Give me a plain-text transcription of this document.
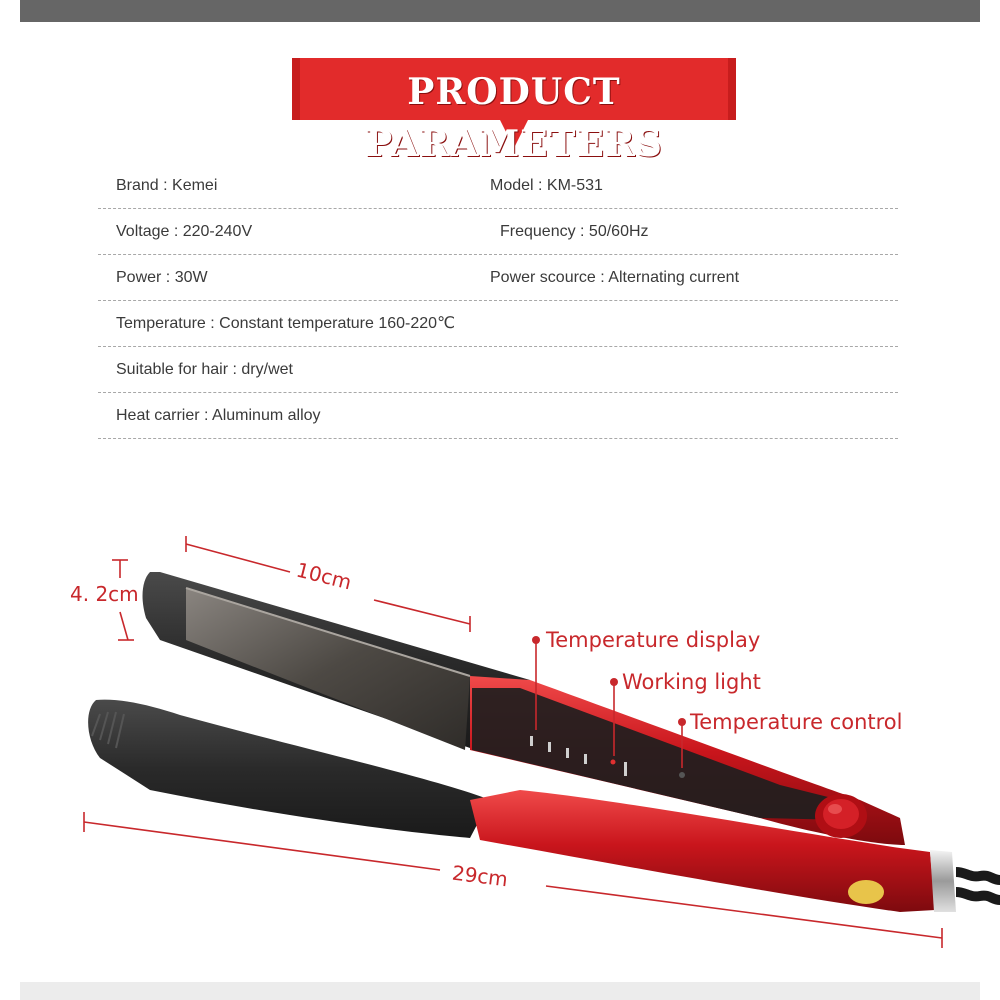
PRODUCT PARAMETERS
Brand : Kemei	Model : KM-531
Voltage : 220-240V	Frequency : 50/60Hz
Power : 30W	Power scource : Alternating current
Temperature : Constant temperature 160-220℃
Suitable for hair : dry/wet
Heat carrier : Aluminum alloy
10cm
4. 2cm
29cm
Temperature display
Working light
Temperature control
